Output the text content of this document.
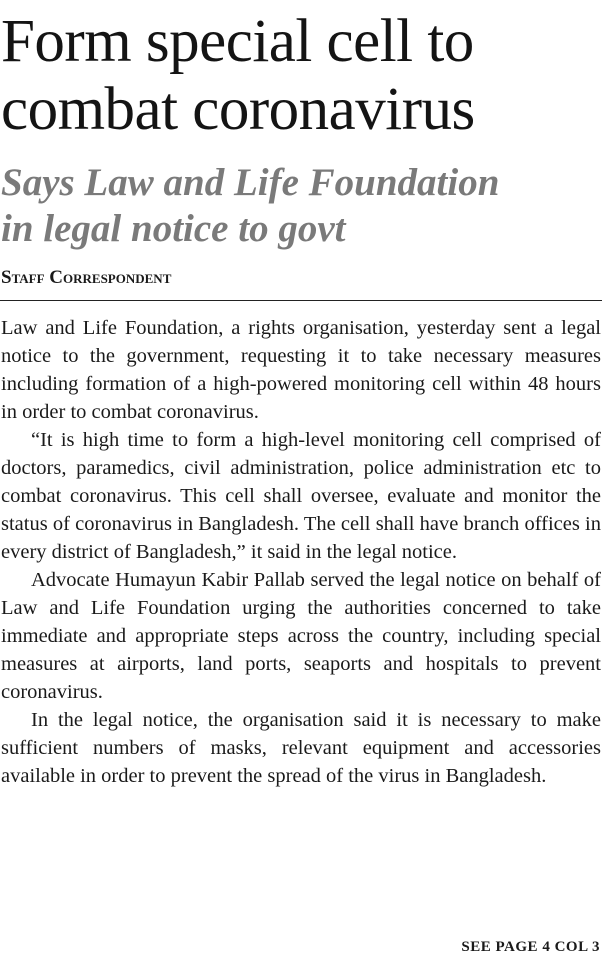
Form special cell to
combat coronavirus
Says Law and Life Foundation
in legal notice to govt
Staff Correspondent

Law and Life Foundation, a rights organisation, yesterday sent a legal notice to the government, requesting it to take necessary measures including formation of a high-powered monitoring cell within 48 hours in order to combat coronavirus.

“It is high time to form a high-level monitoring cell comprised of doctors, paramedics, civil administration, police administration etc to combat coronavirus. This cell shall oversee, evaluate and monitor the status of coronavirus in Bangladesh. The cell shall have branch offices in every district of Bangladesh,” it said in the legal notice.

Advocate Humayun Kabir Pallab served the legal notice on behalf of Law and Life Foundation urging the authorities concerned to take immediate and appropriate steps across the country, including special measures at airports, land ports, seaports and hospitals to prevent coronavirus.

In the legal notice, the organisation said it is necessary to make sufficient numbers of masks, relevant equipment and accessories available in order to prevent the spread of the virus in Bangladesh.

SEE PAGE 4 COL 3
